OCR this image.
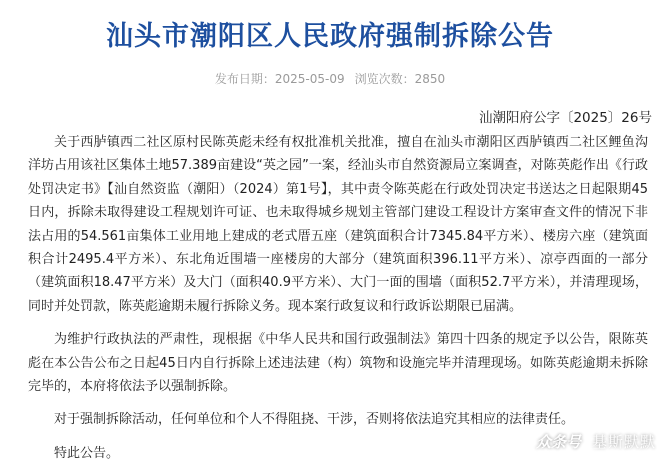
汕头市潮阳区人民政府强制拆除公告
发布日期：2025-05-09 浏览次数：2850
汕潮阳府公字〔2025〕26号

关于西胪镇西二社区原村民陈英彪未经有权批准机关批准，擅自在汕头市潮阳区西胪镇西二社区鲤鱼沟洋坊占用该社区集体土地57.389亩建设“英之园”一案，经汕头市自然资源局立案调查，对陈英彪作出《行政处罚决定书》【汕自然资监（潮阳）（2024）第1号】，其中责令陈英彪在行政处罚决定书送达之日起限期45日内，拆除未取得建设工程规划许可证、也未取得城乡规划主管部门建设工程设计方案审查文件的情况下非法占用的54.561亩集体工业用地上建成的老式厝五座（建筑面积合计7345.84平方米）、楼房六座（建筑面积合计2495.4平方米）、东北角近围墙一座楼房的大部分（建筑面积396.11平方米）、凉亭西面的一部分（建筑面积18.47平方米）及大门（面积40.9平方米）、大门一面的围墙（面积52.7平方米），并清理现场，同时并处罚款，陈英彪逾期未履行拆除义务。现本案行政复议和行政诉讼期限已届满。

为维护行政执法的严肃性，现根据《中华人民共和国行政强制法》第四十四条的规定予以公告，限陈英彪在本公告公布之日起45日内自行拆除上述违法建（构）筑物和设施完毕并清理现场。如陈英彪逾期未拆除完毕的，本府将依法予以强制拆除。

对于强制拆除活动，任何单位和个人不得阻挠、干涉，否则将依法追究其相应的法律责任。

特此公告。

众条号 基斯默默
